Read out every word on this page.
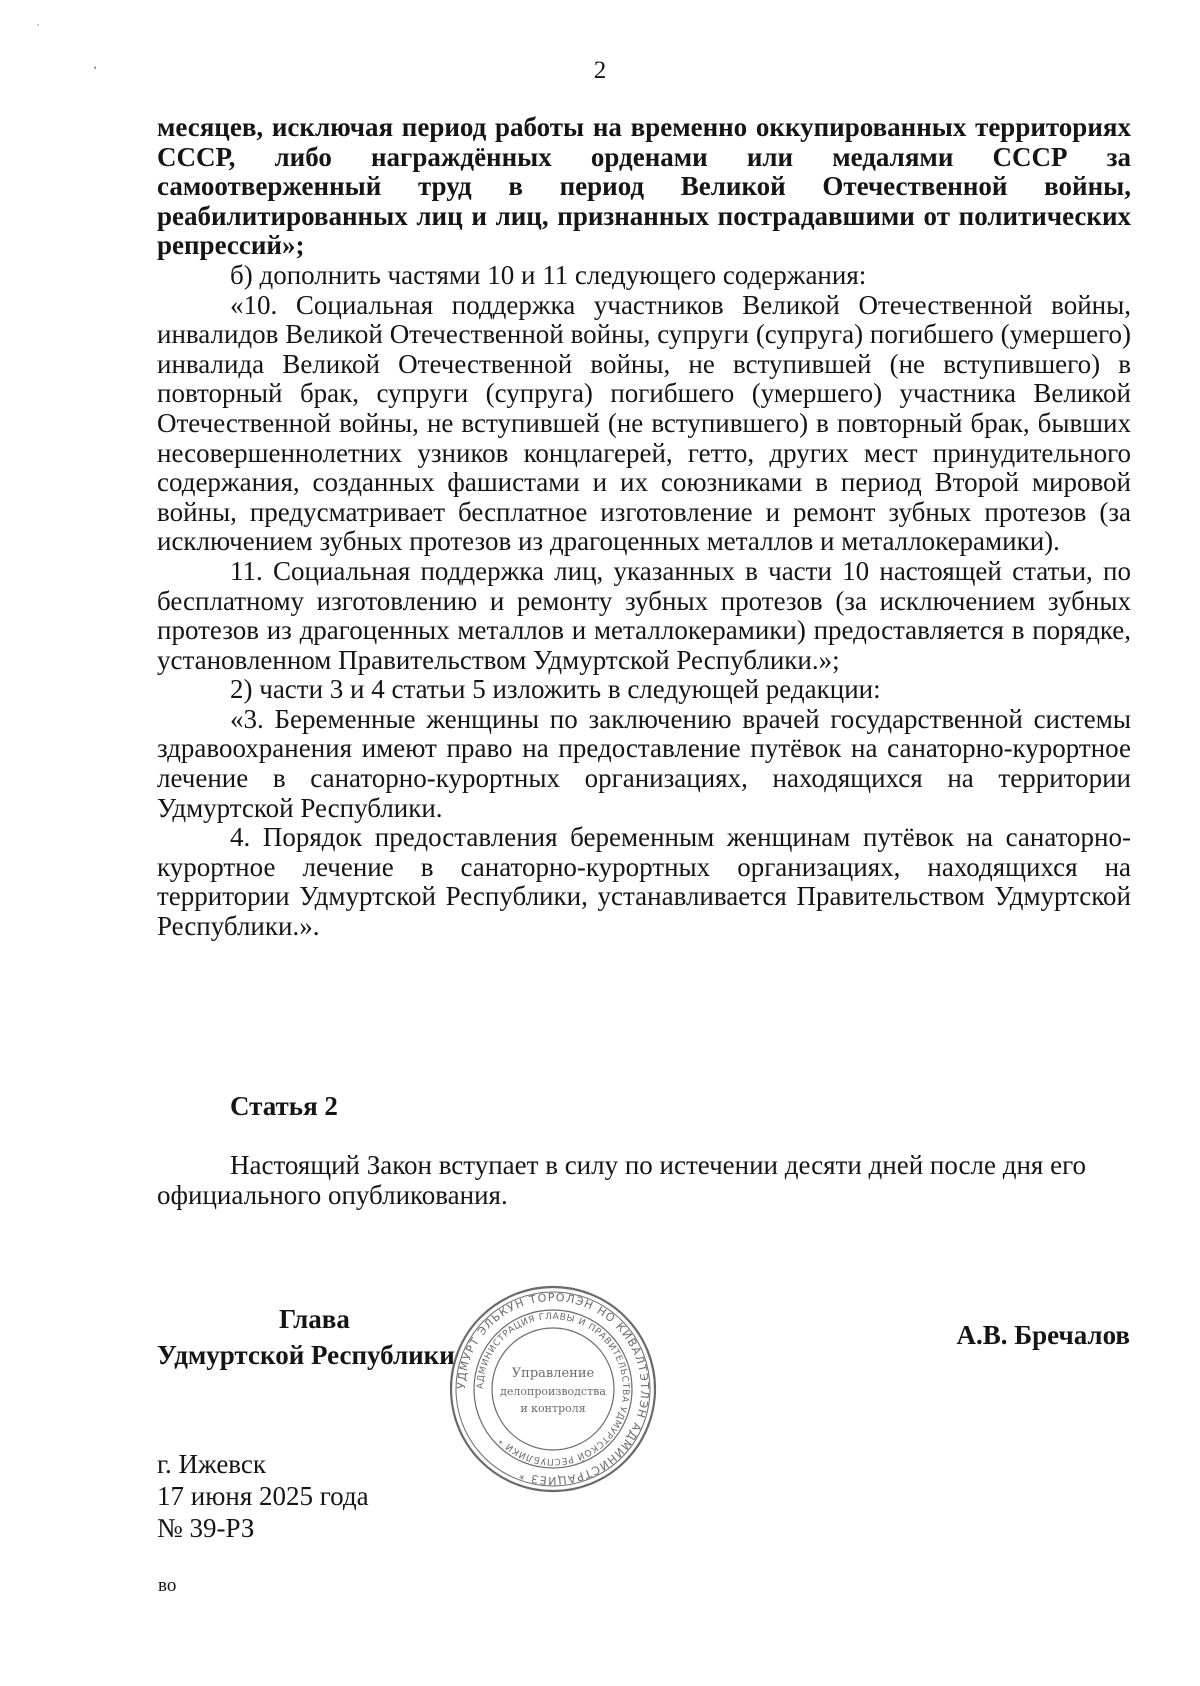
˙
’	2

месяцев, исключая период работы на временно оккупированных территориях СССР, либо награждённых орденами или медалями СССР за самоотверженный труд в период Великой Отечественной войны, реабилитированных лиц и лиц, признанных пострадавшими от политических репрессий»;

б) дополнить частями 10 и 11 следующего содержания:

«10. Социальная поддержка участников Великой Отечественной войны, инвалидов Великой Отечественной войны, супруги (супруга) погибшего (умершего) инвалида Великой Отечественной войны, не вступившей (не вступившего) в повторный брак, супруги (супруга) погибшего (умершего) участника Великой Отечественной войны, не вступившей (не вступившего) в повторный брак, бывших несовершеннолетних узников концлагерей, гетто, других мест принудительного содержания, созданных фашистами и их союзниками в период Второй мировой войны, предусматривает бесплатное изготовление и ремонт зубных протезов (за исключением зубных протезов из драгоценных металлов и металлокерамики).

11. Социальная поддержка лиц, указанных в части 10 настоящей статьи, по бесплатному изготовлению и ремонту зубных протезов (за исключением зубных протезов из драгоценных металлов и металлокерамики) предоставляется в порядке, установленном Правительством Удмуртской Республики.»;

2) части 3 и 4 статьи 5 изложить в следующей редакции:

«3. Беременные женщины по заключению врачей государственной системы здравоохранения имеют право на предоставление путёвок на санаторно-курортное лечение в санаторно-курортных организациях, находящихся на территории Удмуртской Республики.

4. Порядок предоставления беременным женщинам путёвок на санаторно-курортное лечение в санаторно-курортных организациях, находящихся на территории Удмуртской Республики, устанавливается Правительством Удмуртской Республики.».

Статья 2

Настоящий Закон вступает в силу по истечении десяти дней после дня его официального опубликования.

Глава
Удмуртской Республики
А.В. Бречалов
УДМУРТ ЭЛЬКУН ТОРОЛЭН НО КИВАЛТЭТЛЭН АДМИНИСТРАЦИЕЗ *
АДМИНИСТРАЦИЯ ГЛАВЫ И ПРАВИТЕЛЬСТВА УДМУРТСКОЙ РЕСПУБЛИКИ *
Управление
делопроизводства
и контроля
г. Ижевск
17 июня 2025 года
№ 39-РЗ
во
